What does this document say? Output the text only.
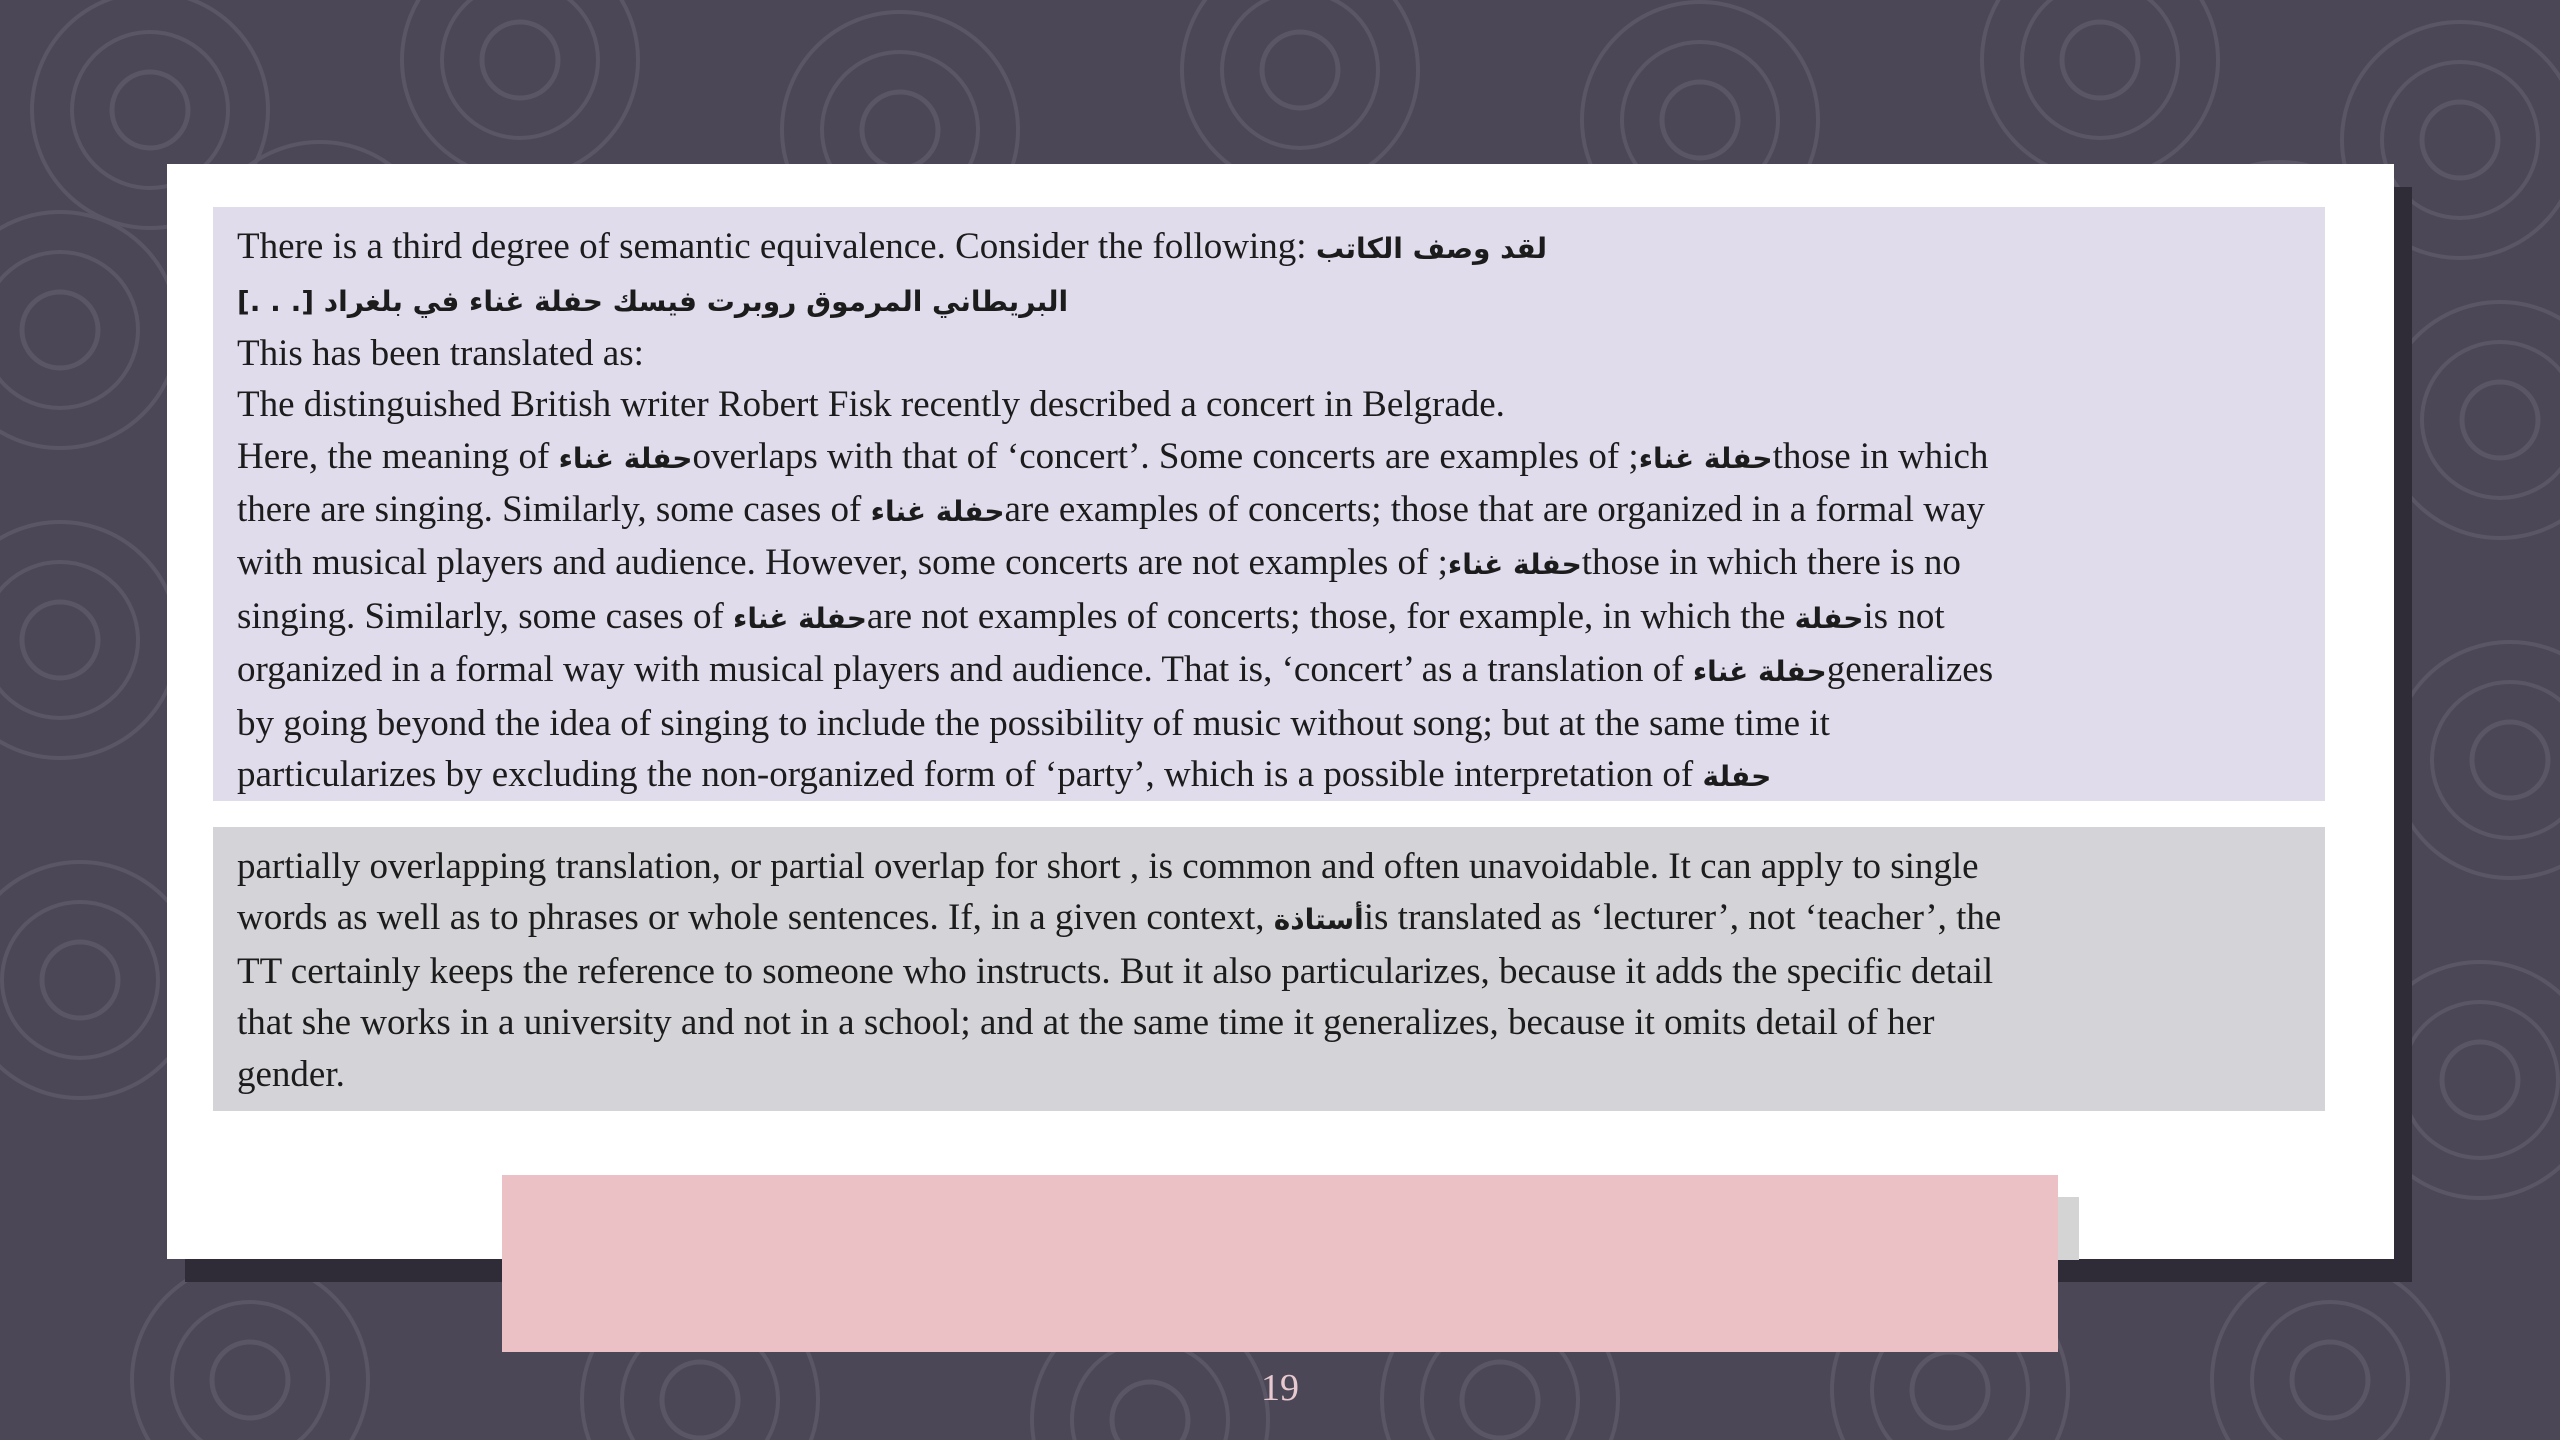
There is a third degree of semantic equivalence. Consider the following: لقد وصف الكاتب
البريطاني المرموق روبرت فيسك حفلة غناء في بلغراد [. . .]
This has been translated as:
The distinguished British writer Robert Fisk recently described a concert in Belgrade.
Here, the meaning of حفلة غناءoverlaps with that of ‘concert’. Some concerts are examples of ;حفلة غناءthose in which
there are singing. Similarly, some cases of حفلة غناءare examples of concerts; those that are organized in a formal way
with musical players and audience. However, some concerts are not examples of ;حفلة غناءthose in which there is no
singing. Similarly, some cases of حفلة غناءare not examples of concerts; those, for example, in which the حفلةis not
organized in a formal way with musical players and audience. That is, ‘concert’ as a translation of حفلة غناءgeneralizes
by going beyond the idea of singing to include the possibility of music without song; but at the same time it
particularizes by excluding the non-organized form of ‘party’, which is a possible interpretation of حفلة
partially overlapping translation, or partial overlap for short , is common and often unavoidable. It can apply to single
words as well as to phrases or whole sentences. If, in a given context, أستاذةis translated as ‘lecturer’, not ‘teacher’, the
TT certainly keeps the reference to someone who instructs. But it also particularizes, because it adds the specific detail
that she works in a university and not in a school; and at the same time it generalizes, because it omits detail of her
gender.
19
